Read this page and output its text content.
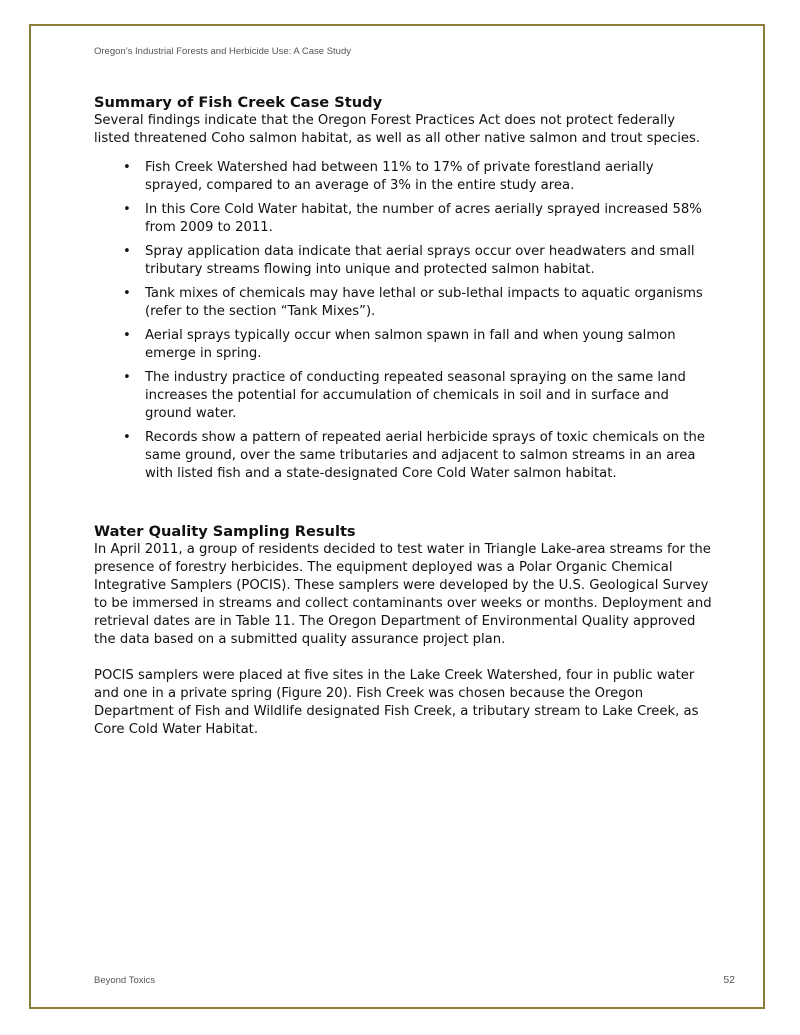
Oregon’s Industrial Forests and Herbicide Use: A Case Study
Summary of Fish Creek Case Study

Several findings indicate that the Oregon Forest Practices Act does not protect federally listed threatened Coho salmon habitat, as well as all other native salmon and trout species.

• Fish Creek Watershed had between 11% to 17% of private forestland aerially sprayed, compared to an average of 3% in the entire study area.
• In this Core Cold Water habitat, the number of acres aerially sprayed increased 58% from 2009 to 2011.
• Spray application data indicate that aerial sprays occur over headwaters and small tributary streams flowing into unique and protected salmon habitat.
• Tank mixes of chemicals may have lethal or sub-lethal impacts to aquatic organisms (refer to the section “Tank Mixes”).
• Aerial sprays typically occur when salmon spawn in fall and when young salmon emerge in spring.
• The industry practice of conducting repeated seasonal spraying on the same land increases the potential for accumulation of chemicals in soil and in surface and ground water.
• Records show a pattern of repeated aerial herbicide sprays of toxic chemicals on the same ground, over the same tributaries and adjacent to salmon streams in an area with listed fish and a state-designated Core Cold Water salmon habitat.
Water Quality Sampling Results

In April 2011, a group of residents decided to test water in Triangle Lake-area streams for the presence of forestry herbicides. The equipment deployed was a Polar Organic Chemical Integrative Samplers (POCIS). These samplers were developed by the U.S. Geological Survey to be immersed in streams and collect contaminants over weeks or months. Deployment and retrieval dates are in Table 11. The Oregon Department of Environmental Quality approved the data based on a submitted quality assurance project plan.

POCIS samplers were placed at five sites in the Lake Creek Watershed, four in public water and one in a private spring (Figure 20). Fish Creek was chosen because the Oregon Department of Fish and Wildlife designated Fish Creek, a tributary stream to Lake Creek, as Core Cold Water Habitat.

Beyond Toxics	52
